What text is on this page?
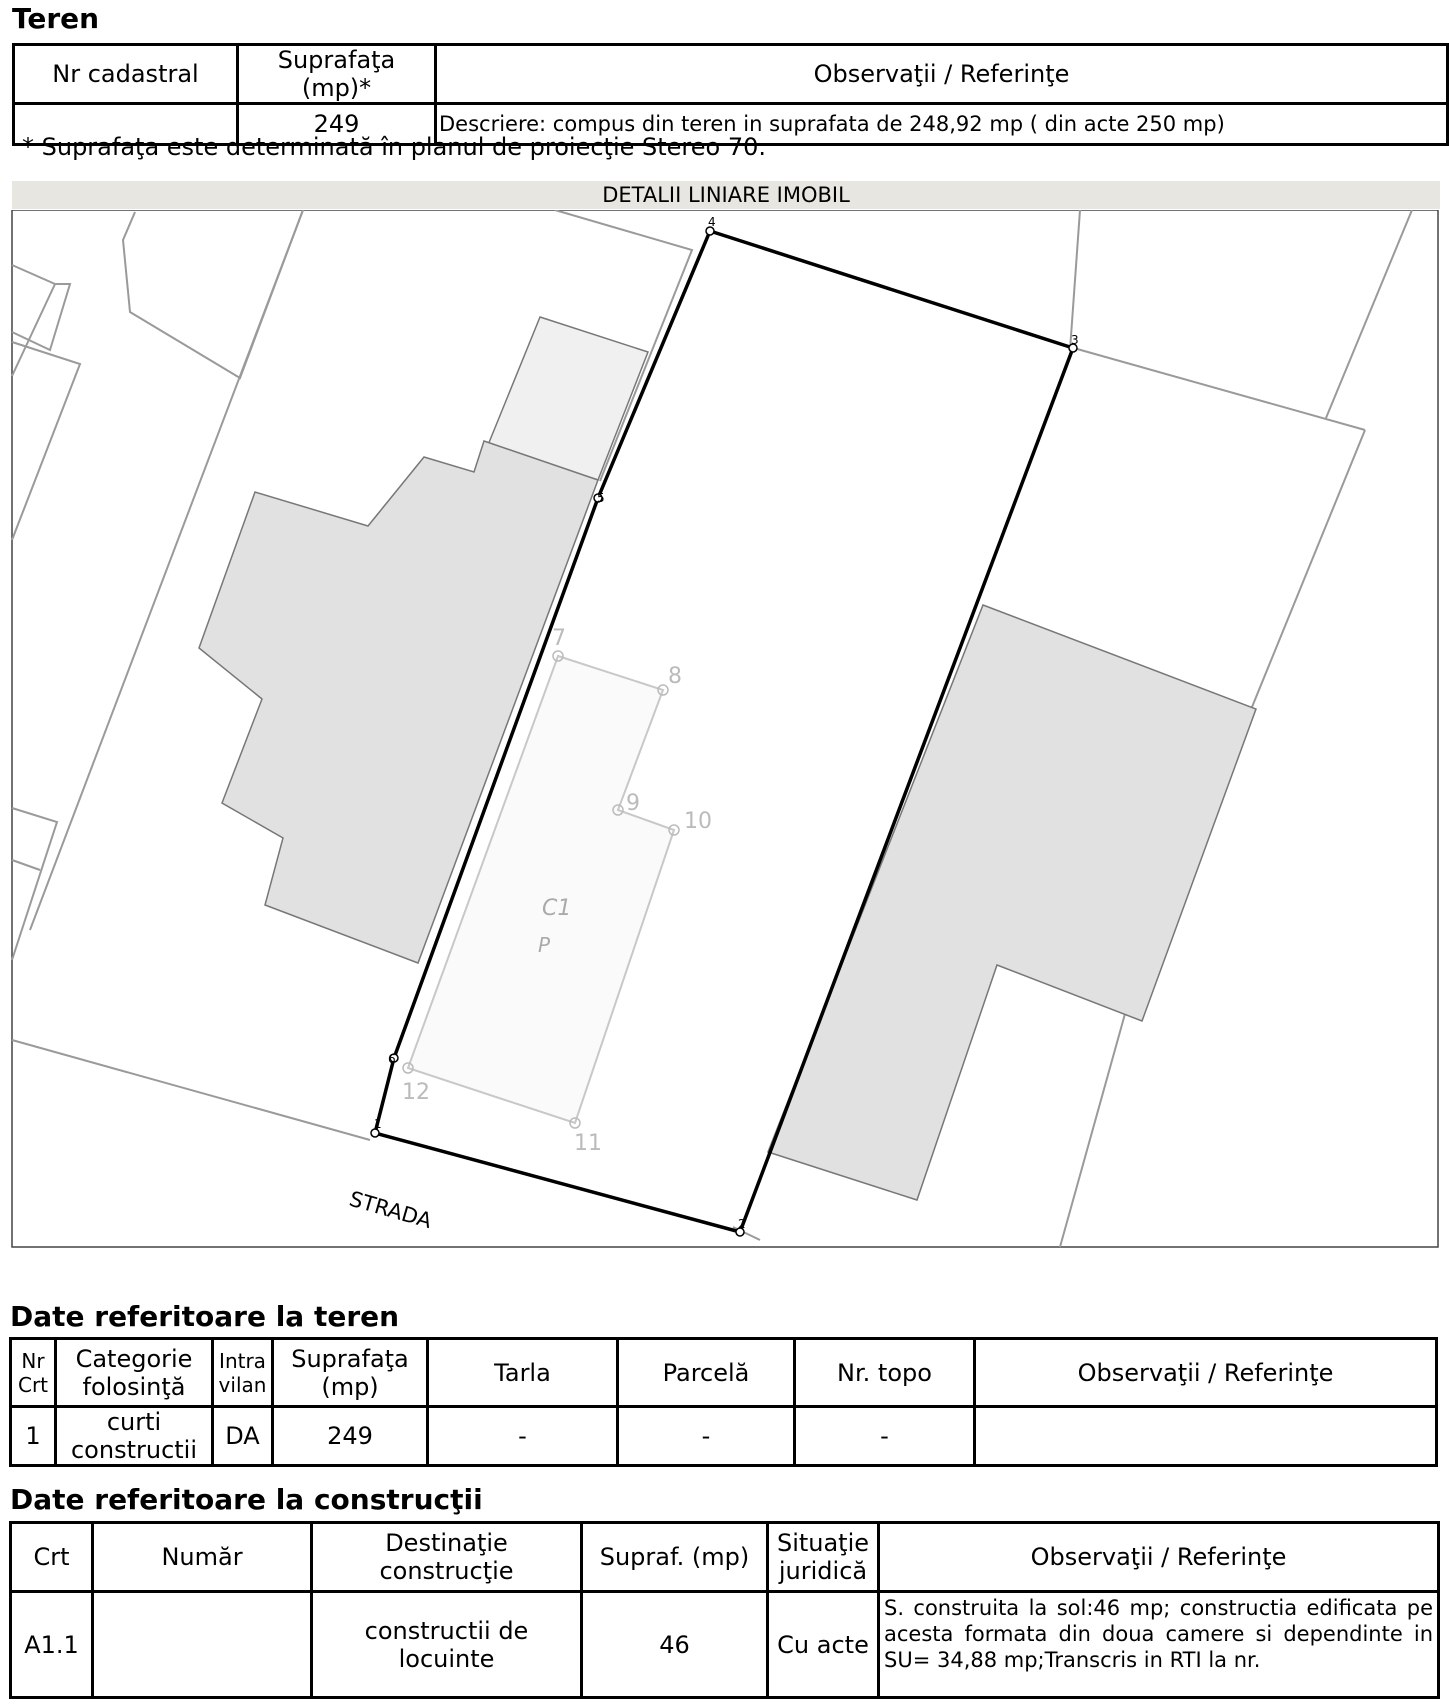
Teren
Nr cadastral	Suprafaţa (mp)*	Observaţii / Referinţe
	249	Descriere: compus din teren in suprafata de 248,92 mp ( din acte 250 mp)
* Suprafaţa este determinată în planul de proiecţie Stereo 70.
DETALII LINIARE IMOBIL
7
8
9
10
11
12
C1
P
1
2
3
4
5
6
STRADA
Date referitoare la teren
Nr Crt	Categorie folosinţă	Intra vilan	Suprafaţa (mp)	Tarla	Parcelă	Nr. topo	Observaţii / Referinţe
1	curti constructii	DA	249	-	-	-	
Date referitoare la construcţii
Crt	Număr	Destinaţie construcţie	Supraf. (mp)	Situaţie juridică	Observaţii / Referinţe
A1.1		constructii de locuinte	46	Cu acte	S. construita la sol:46 mp; constructia edificata pe acesta formata din doua camere si dependinte in SU= 34,88 mp;Transcris in RTI la nr.
